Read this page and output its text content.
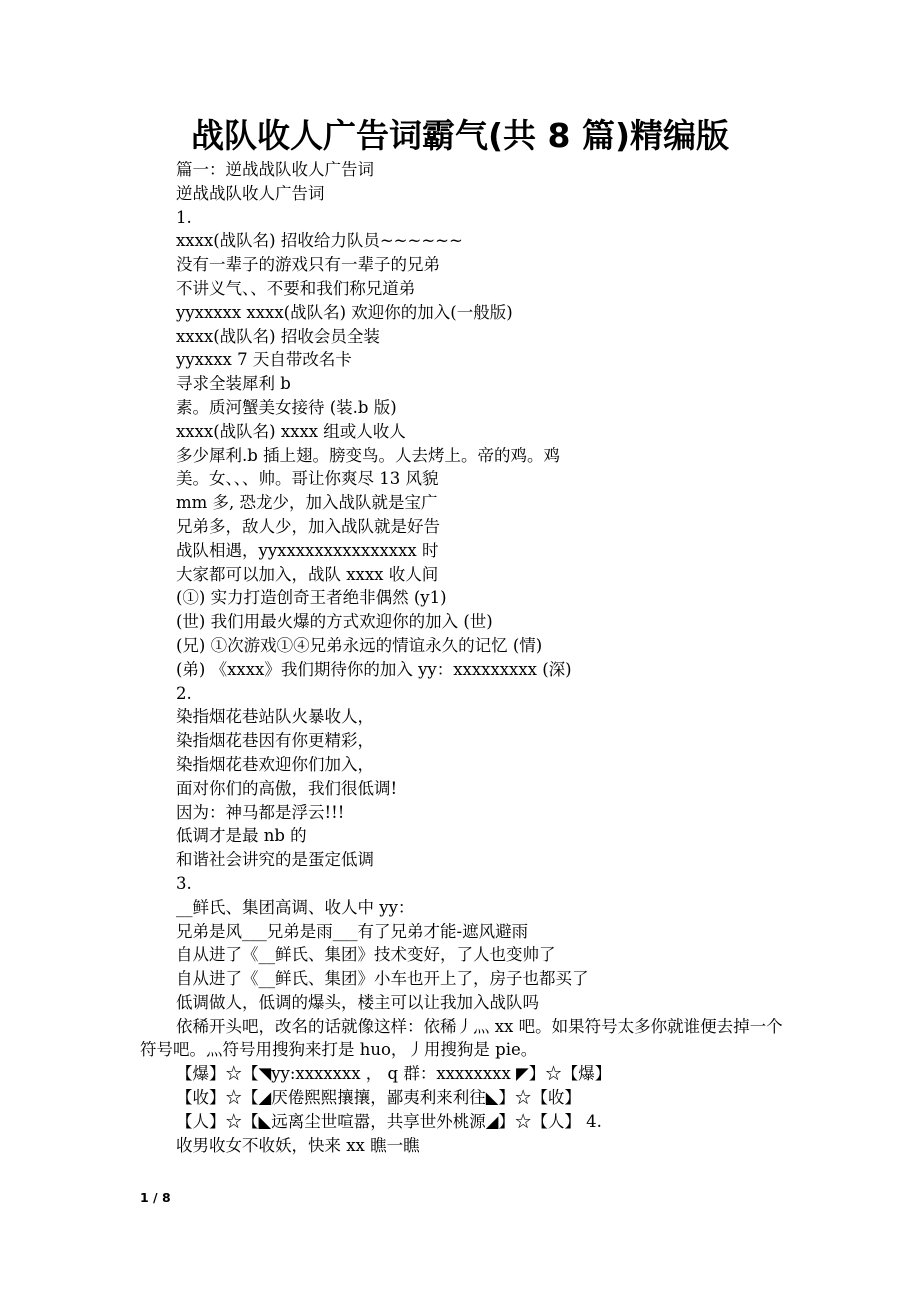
战队收人广告词霸气(共 8 篇)精编版
篇一：逆战战队收人广告词
逆战战队收人广告词
1.
xxxx(战队名) 招收给力队员~~~~~~
没有一辈子的游戏只有一辈子的兄弟
不讲义气、、不要和我们称兄道弟
yyxxxxx xxxx(战队名) 欢迎你的加入(一般版)
xxxx(战队名) 招收会员全装
yyxxxx 7 天自带改名卡
寻求全装犀利 b
素。质河蟹美女接待 (装.b 版)
xxxx(战队名) xxxx 组或人收人
多少犀利.b 插上翅。膀变鸟。人去烤上。帝的鸡。鸡
美。女、、、帅。哥让你爽尽 13 风貌
mm 多, 恐龙少，加入战队就是宝广
兄弟多，敌人少，加入战队就是好告
战队相遇，yyxxxxxxxxxxxxxxx 时
大家都可以加入，战队 xxxx 收人间
(①) 实力打造创奇王者绝非偶然 (y1)
(世) 我们用最火爆的方式欢迎你的加入 (世)
(兄) ①次游戏①④兄弟永远的情谊永久的记忆 (情)
(弟) 《xxxx》我们期待你的加入 yy：xxxxxxxxx (深)
2.
染指烟花巷站队火暴收人，
染指烟花巷因有你更精彩，
染指烟花巷欢迎你们加入，
面对你们的高傲，我们很低调!
因为：神马都是浮云!!!
低调才是最 nb 的
和谐社会讲究的是蛋定低调
3.
__鲜氏、集团高调、收人中 yy：
兄弟是风___兄弟是雨___有了兄弟才能-遮风避雨
自从进了《__鲜氏、集团》技术变好，了人也变帅了
自从进了《__鲜氏、集团》小车也开上了，房子也都买了
低调做人，低调的爆头，楼主可以让我加入战队吗
依稀开头吧，改名的话就像这样：依稀丿灬 xx 吧。如果符号太多你就谁便去掉一个符号吧。灬符号用搜狗来打是 huo，丿用搜狗是 pie。
【爆】☆【◥yy:xxxxxxx ， q 群：xxxxxxxx ◤】☆【爆】
【收】☆【◢厌倦熙熙攘攘，鄙夷利来利往◣】☆【收】
【人】☆【◣远离尘世喧嚣，共享世外桃源◢】☆【人】 4.
收男收女不收妖，快来 xx 瞧一瞧
1 / 8
